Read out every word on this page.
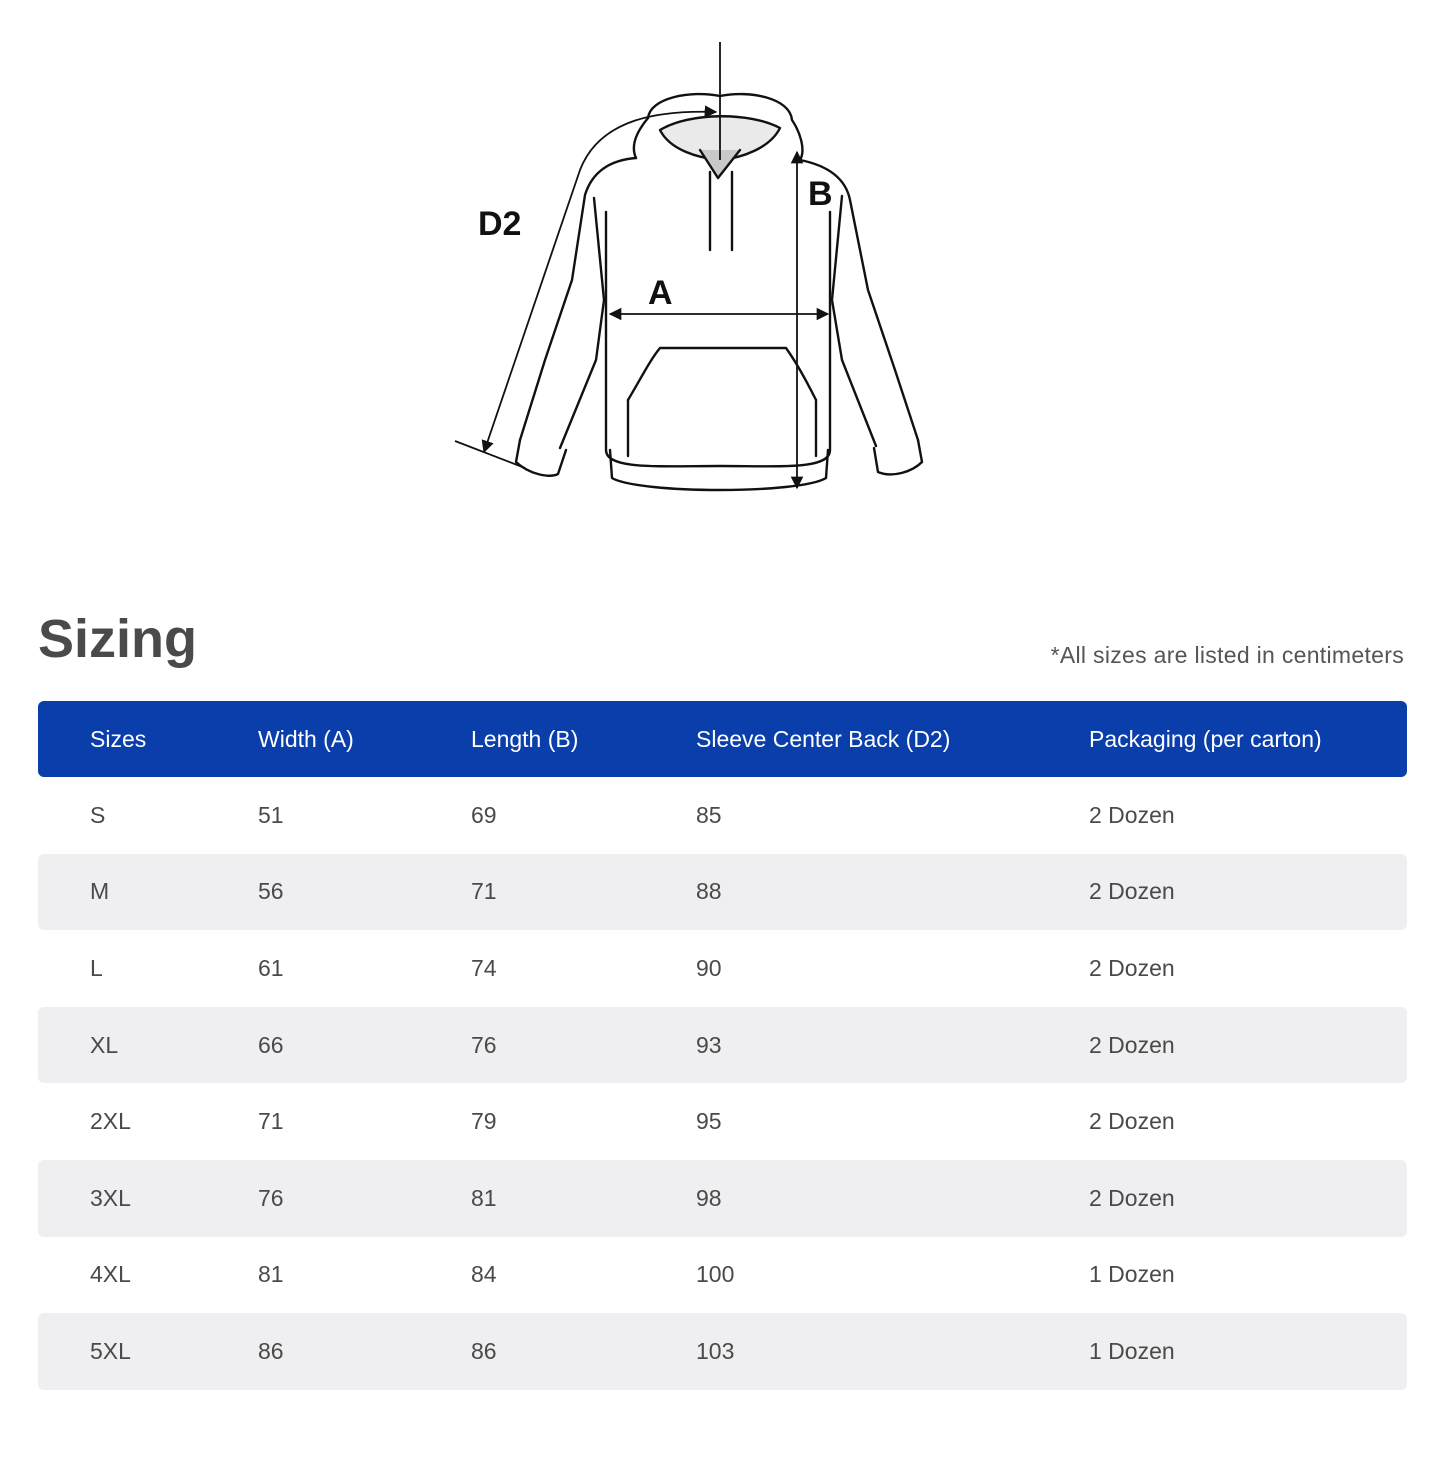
D2
B
A
Sizing	*All sizes are listed in centimeters
Sizes	Width (A)	Length (B)	Sleeve Center Back (D2)	Packaging (per carton)
S	51	69	85	2 Dozen
M	56	71	88	2 Dozen
L	61	74	90	2 Dozen
XL	66	76	93	2 Dozen
2XL	71	79	95	2 Dozen
3XL	76	81	98	2 Dozen
4XL	81	84	100	1 Dozen
5XL	86	86	103	1 Dozen
